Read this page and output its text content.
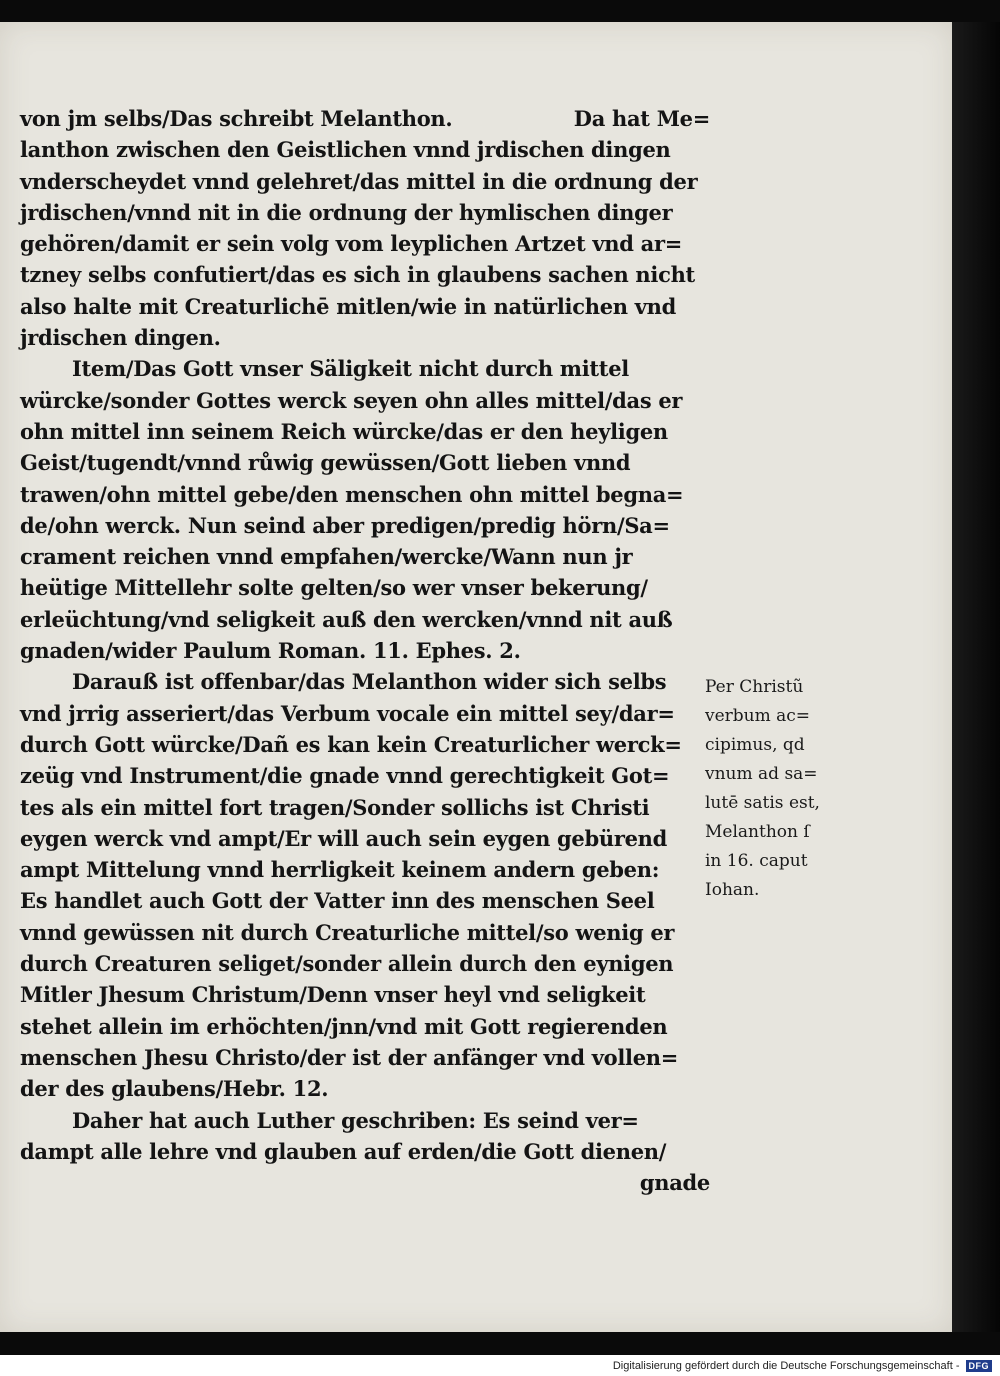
von jm selbs/Das schreibt Melanthon.	Da hat Me=
lanthon zwischen den Geistlichen vnnd jrdischen dingen
vnderscheydet vnnd gelehret/das mittel in die ordnung der
jrdischen/vnnd nit in die ordnung der hymlischen dinger
gehören/damit er sein volg vom leyplichen Artzet vnd ar=
tzney selbs confutiert/das es sich in glaubens sachen nicht
also halte mit Creaturlichē mitlen/wie in natürlichen vnd
jrdischen dingen.
Item/Das Gott vnser Säligkeit nicht durch mittel
würcke/sonder Gottes werck seyen ohn alles mittel/das er
ohn mittel inn seinem Reich würcke/das er den heyligen
Geist/tugendt/vnnd růwig gewüssen/Gott lieben vnnd
trawen/ohn mittel gebe/den menschen ohn mittel begna=
de/ohn werck. Nun seind aber predigen/predig hörn/Sa=
crament reichen vnnd empfahen/wercke/Wann nun jr
heütige Mittellehr solte gelten/so wer vnser bekerung/
erleüchtung/vnd seligkeit auß den wercken/vnnd nit auß
gnaden/wider Paulum Roman. 11. Ephes. 2.
Darauß ist offenbar/das Melanthon wider sich selbs
vnd jrrig asseriert/das Verbum vocale ein mittel sey/dar=
durch Gott würcke/Dañ es kan kein Creaturlicher werck=
zeüg vnd Instrument/die gnade vnnd gerechtigkeit Got=
tes als ein mittel fort tragen/Sonder sollichs ist Christi
eygen werck vnd ampt/Er will auch sein eygen gebürend
ampt Mittelung vnnd herrligkeit keinem andern geben:
Es handlet auch Gott der Vatter inn des menschen Seel
vnnd gewüssen nit durch Creaturliche mittel/so wenig er
durch Creaturen seliget/sonder allein durch den eynigen
Mitler Jhesum Christum/Denn vnser heyl vnd seligkeit
stehet allein im erhöchten/jnn/vnd mit Gott regierenden
menschen Jhesu Christo/der ist der anfänger vnd vollen=
der des glaubens/Hebr. 12.
Daher hat auch Luther geschriben: Es seind ver=
dampt alle lehre vnd glauben auf erden/die Gott dienen/
gnade
Per Christũ
verbum ac=
cipimus, qd
vnum ad sa=
lutē satis est,
Melanthon ſ
in 16. caput
Iohan.
Digitalisierung gefördert durch die Deutsche Forschungsgemeinschaft -	DFG
